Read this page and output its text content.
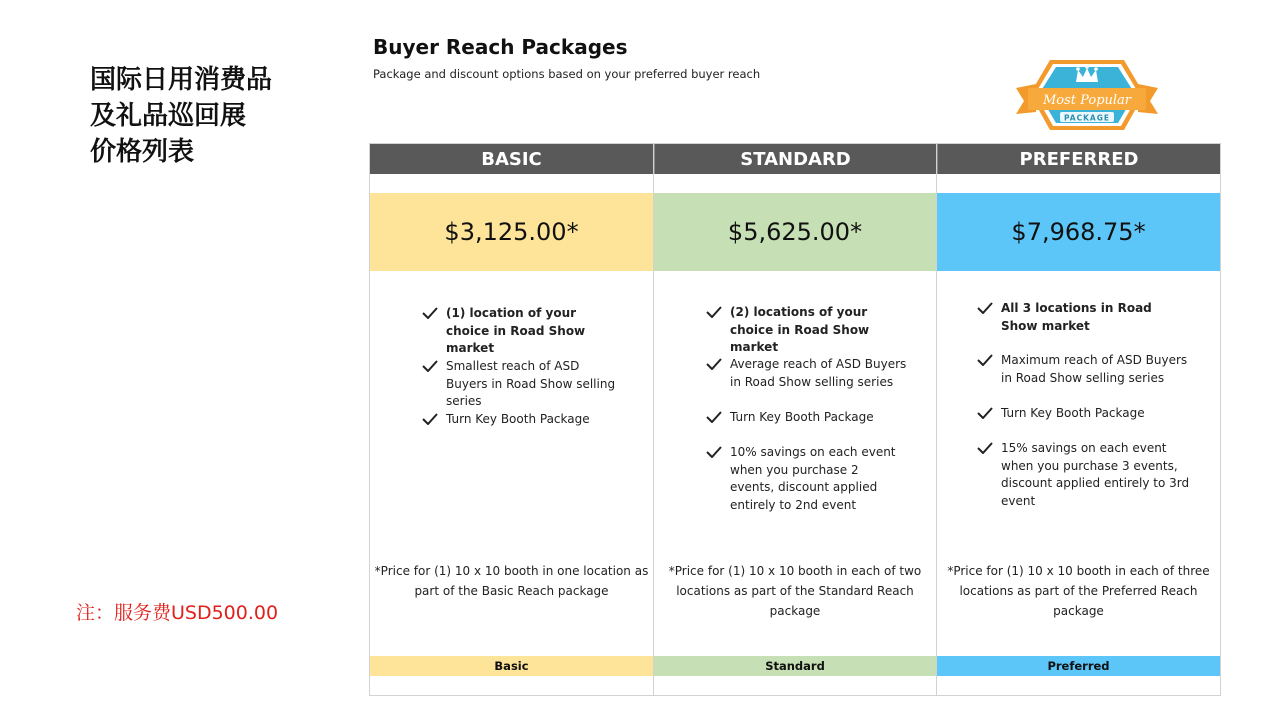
国际日用消费品
及礼品巡回展
价格列表
注：服务费USD500.00
Buyer Reach Packages
Package and discount options based on your preferred buyer reach
Most Popular
PACKAGE
BASIC
$3,125.00*
(1) location of your choice in Road Show market
Smallest reach of ASD Buyers in Road Show selling series
Turn Key Booth Package
*Price for (1) 10 x 10 booth in one location as part of the Basic Reach package
Basic
STANDARD
$5,625.00*
(2) locations of your choice in Road Show market
Average reach of ASD Buyers in Road Show selling series
Turn Key Booth Package
10% savings on each event when you purchase 2 events, discount applied entirely to 2nd event
*Price for (1) 10 x 10 booth in each of two locations as part of the Standard Reach package
Standard
PREFERRED
$7,968.75*
All 3 locations in Road Show market
Maximum reach of ASD Buyers in Road Show selling series
Turn Key Booth Package
15% savings on each event when you purchase 3 events, discount applied entirely to 3rd event
*Price for (1) 10 x 10 booth in each of three locations as part of the Preferred Reach package
Preferred
